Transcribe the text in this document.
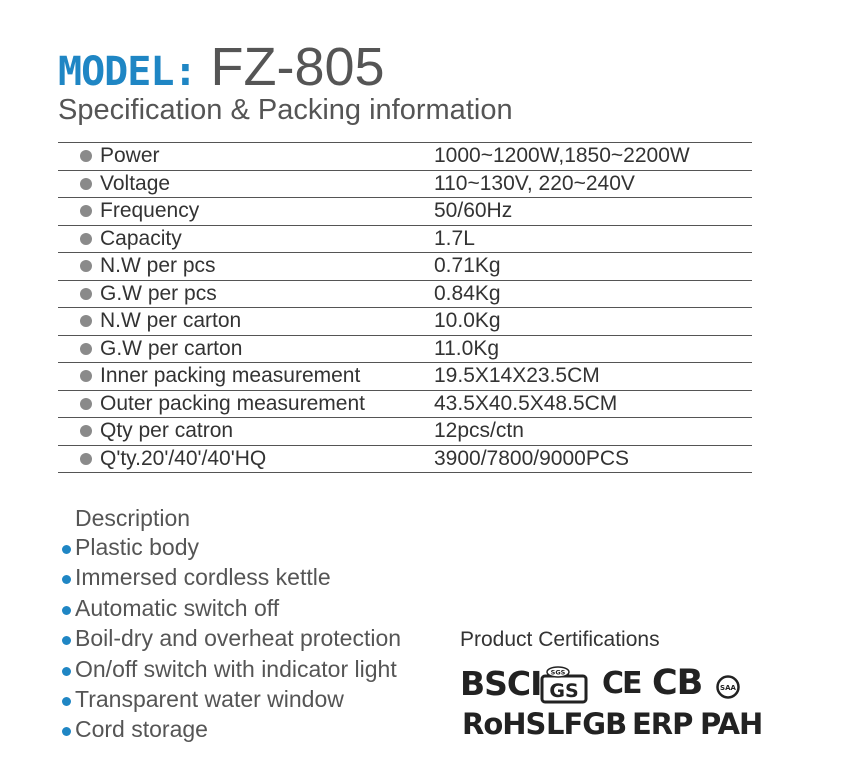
MODEL: FZ-805
Specification & Packing information
Power	1000~1200W,1850~2200W
Voltage	110~130V, 220~240V
Frequency	50/60Hz
Capacity	1.7L
N.W per pcs	0.71Kg
G.W per pcs	0.84Kg
N.W per carton	10.0Kg
G.W per carton	11.0Kg
Inner packing measurement	19.5X14X23.5CM
Outer packing measurement	43.5X40.5X48.5CM
Qty per catron	12pcs/ctn
Q'ty.20'/40'/40'HQ	3900/7800/9000PCS
Description
Plastic body
Immersed cordless kettle
Automatic switch off
Boil-dry and overheat protection
On/off switch with indicator light
Transparent water window
Cord storage
Product Certifications
BSCI SGS
GS CE CB	SAA
RoHS LFGB ERP PAH
